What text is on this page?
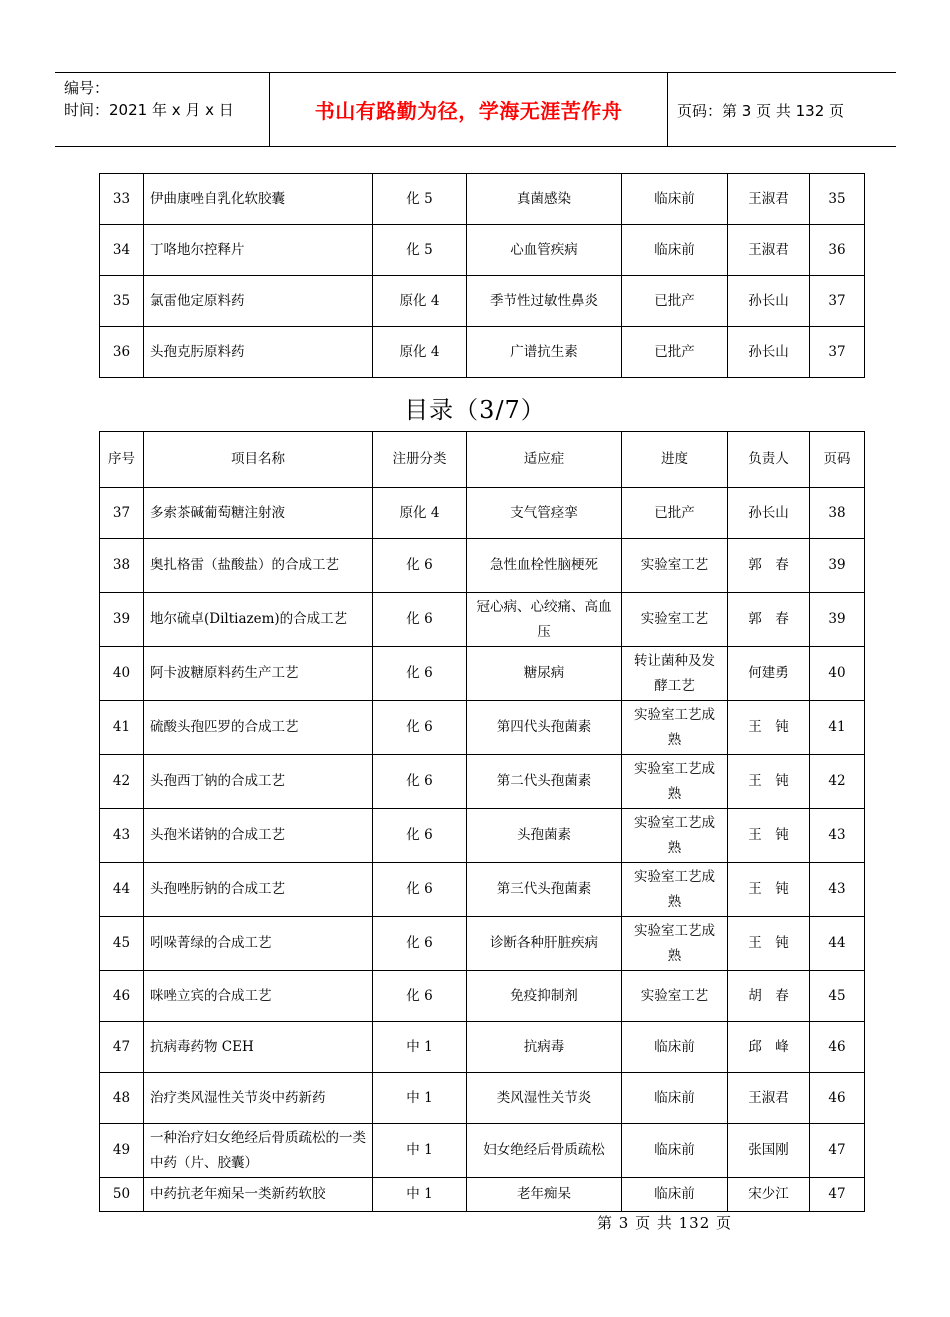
编号：
时间：2021 年 x 月 x 日	书山有路勤为径，学海无涯苦作舟	页码：第 3 页 共 132 页
33	伊曲康唑自乳化软胶囊	化 5	真菌感染	临床前	王淑君	35
34	丁咯地尔控释片	化 5	心血管疾病	临床前	王淑君	36
35	氯雷他定原料药	原化 4	季节性过敏性鼻炎	已批产	孙长山	37
36	头孢克肟原料药	原化 4	广谱抗生素	已批产	孙长山	37
目录（3/7）
序号	项目名称	注册分类	适应症	进度	负责人	页码
37	多索茶碱葡萄糖注射液	原化 4	支气管痉挛	已批产	孙长山	38
38	奥扎格雷（盐酸盐）的合成工艺	化 6	急性血栓性脑梗死	实验室工艺	郭　春	39
39	地尔硫卓(Diltiazem)的合成工艺	化 6	冠心病、心绞痛、高血压	实验室工艺	郭　春	39
40	阿卡波糖原料药生产工艺	化 6	糖尿病	转让菌种及发酵工艺	何建勇	40
41	硫酸头孢匹罗的合成工艺	化 6	第四代头孢菌素	实验室工艺成熟	王　钝	41
42	头孢西丁钠的合成工艺	化 6	第二代头孢菌素	实验室工艺成熟	王　钝	42
43	头孢米诺钠的合成工艺	化 6	头孢菌素	实验室工艺成熟	王　钝	43
44	头孢唑肟钠的合成工艺	化 6	第三代头孢菌素	实验室工艺成熟	王　钝	43
45	吲哚菁绿的合成工艺	化 6	诊断各种肝脏疾病	实验室工艺成熟	王　钝	44
46	咪唑立宾的合成工艺	化 6	免疫抑制剂	实验室工艺	胡　春	45
47	抗病毒药物 CEH	中 1	抗病毒	临床前	邱　峰	46
48	治疗类风湿性关节炎中药新药	中 1	类风湿性关节炎	临床前	王淑君	46
49	一种治疗妇女绝经后骨质疏松的一类中药（片、胶囊）	中 1	妇女绝经后骨质疏松	临床前	张国刚	47
50	中药抗老年痴呆一类新药软胶	中 1	老年痴呆	临床前	宋少江	47
第 3 页 共 132 页
